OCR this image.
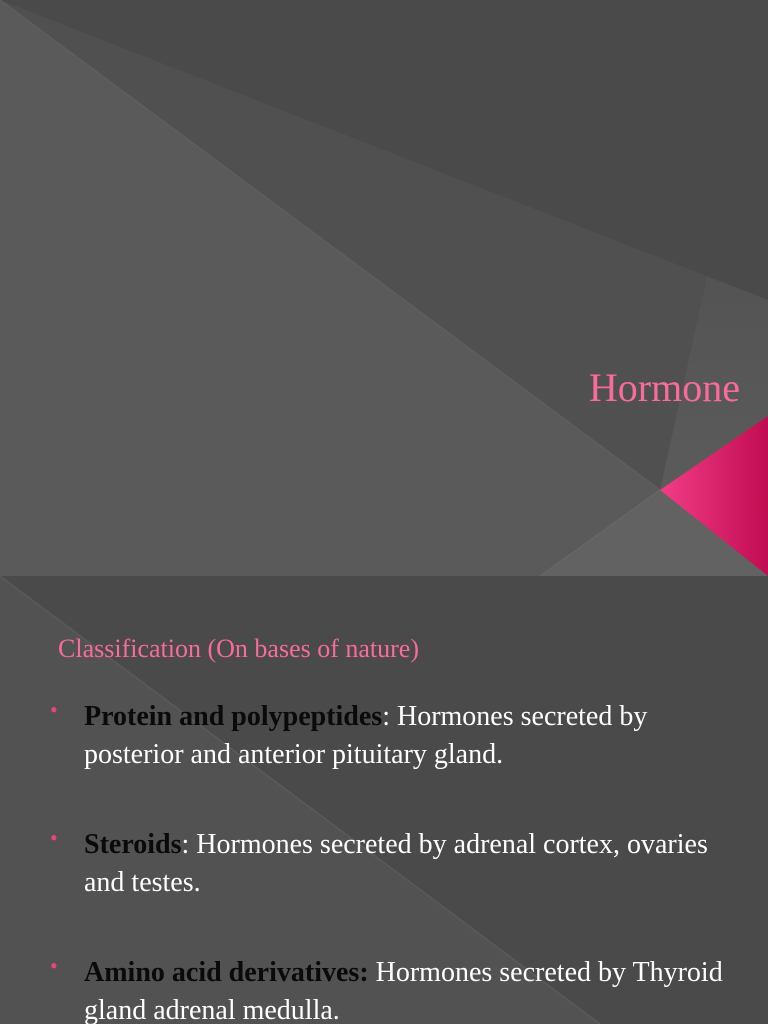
Hormone
Classification (On bases of nature)
• Protein and polypeptides: Hormones secreted by posterior and anterior pituitary gland.
• Steroids: Hormones secreted by adrenal cortex, ovaries and testes.
• Amino acid derivatives: Hormones secreted by Thyroid gland adrenal medulla.
